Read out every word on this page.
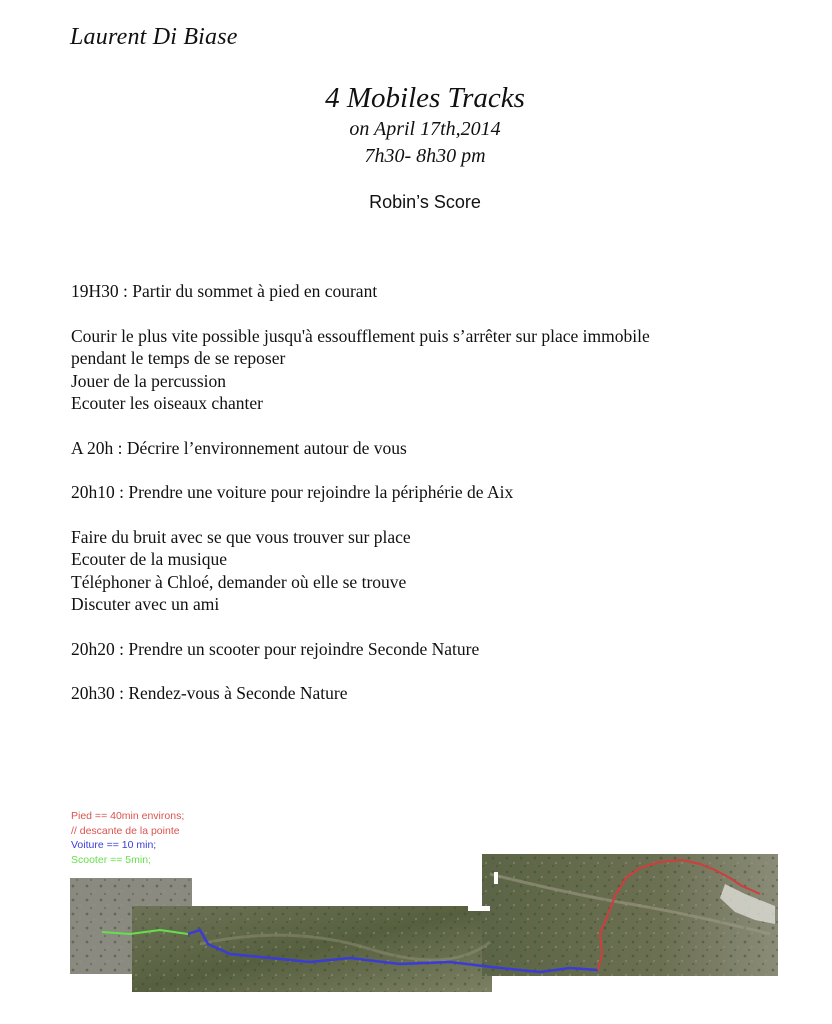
Laurent Di Biase
4 Mobiles Tracks
on April 17th,2014
7h30- 8h30 pm
Robin’s Score
19H30 : Partir du sommet à pied en courant
Courir le plus vite possible jusqu'à essoufflement puis s’arrêter sur place immobile
pendant le temps de se reposer
Jouer de la percussion
Ecouter les oiseaux chanter
A 20h : Décrire l’environnement autour de vous
20h10 : Prendre une voiture pour rejoindre la périphérie de Aix
Faire du bruit avec se que vous trouver sur place
Ecouter de la musique
Téléphoner à Chloé, demander où elle se trouve
Discuter avec un ami
20h20 : Prendre un scooter pour rejoindre Seconde Nature
20h30 : Rendez-vous à Seconde Nature
Pied == 40min environs;
// descante de la pointe
Voiture == 10 min;
Scooter == 5min;
